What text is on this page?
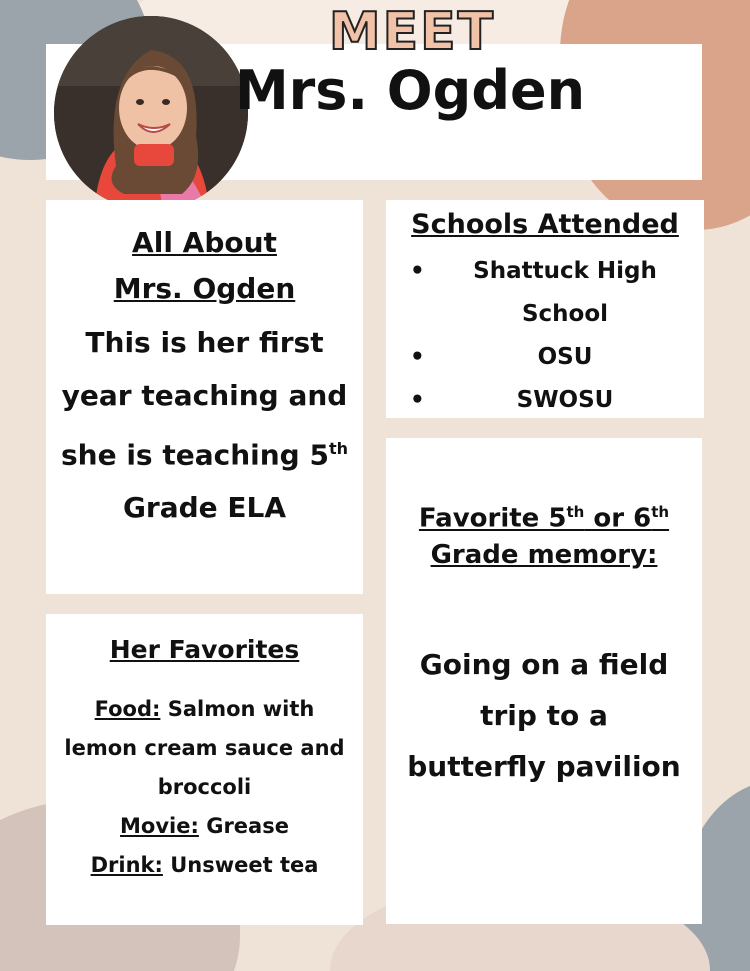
MEET
Mrs. Ogden
All About
Mrs. Ogden
This is her first year teaching and she is teaching 5th Grade ELA
Schools Attended
•	Shattuck High School
•	OSU
•	SWOSU
Favorite 5th or 6th Grade memory:
Going on a field trip to a butterfly pavilion
Her Favorites
Food: Salmon with lemon cream sauce and broccoli
Movie: Grease
Drink: Unsweet tea
